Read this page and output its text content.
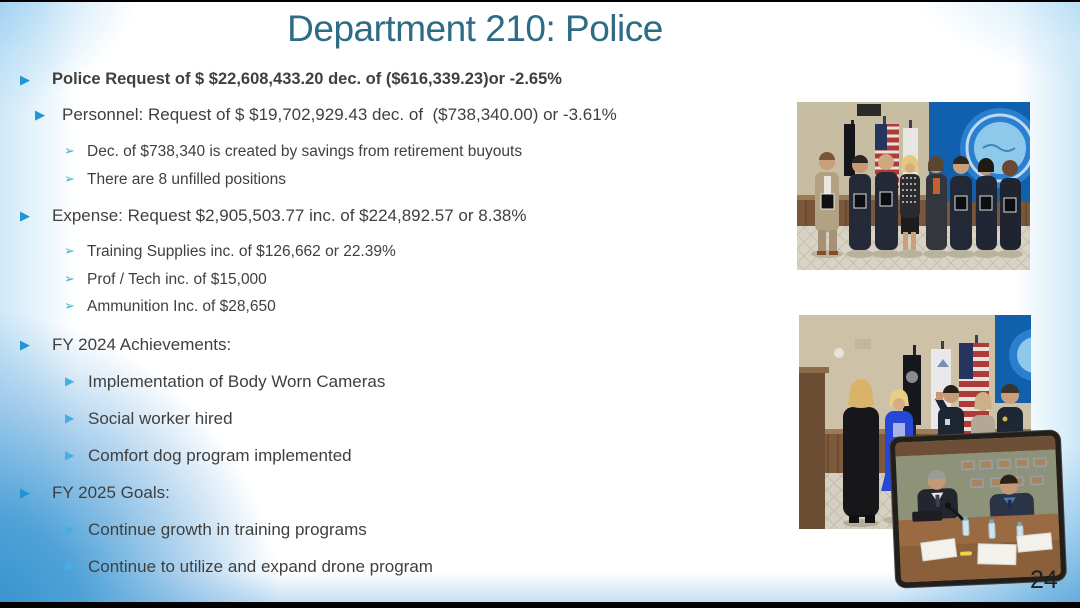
Department 210: Police
▶	Police Request of $ $22,608,433.20 dec. of ($616,339.23)or -2.65%
▶	Personnel: Request of $ $19,702,929.43 dec. of  ($738,340.00) or -3.61%
➢ Dec. of $738,340 is created by savings from retirement buyouts
➢ There are 8 unfilled positions
▶	Expense: Request $2,905,503.77 inc. of $224,892.57 or 8.38%
➢ Training Supplies inc. of $126,662 or 22.39%
➢ Prof / Tech inc. of $15,000
➢ Ammunition Inc. of $28,650
▶	FY 2024 Achievements:
▶ Implementation of Body Worn Cameras
▶ Social worker hired
▶ Comfort dog program implemented
▶	FY 2025 Goals:
▶ Continue growth in training programs
▶ Continue to utilize and expand drone program	24
